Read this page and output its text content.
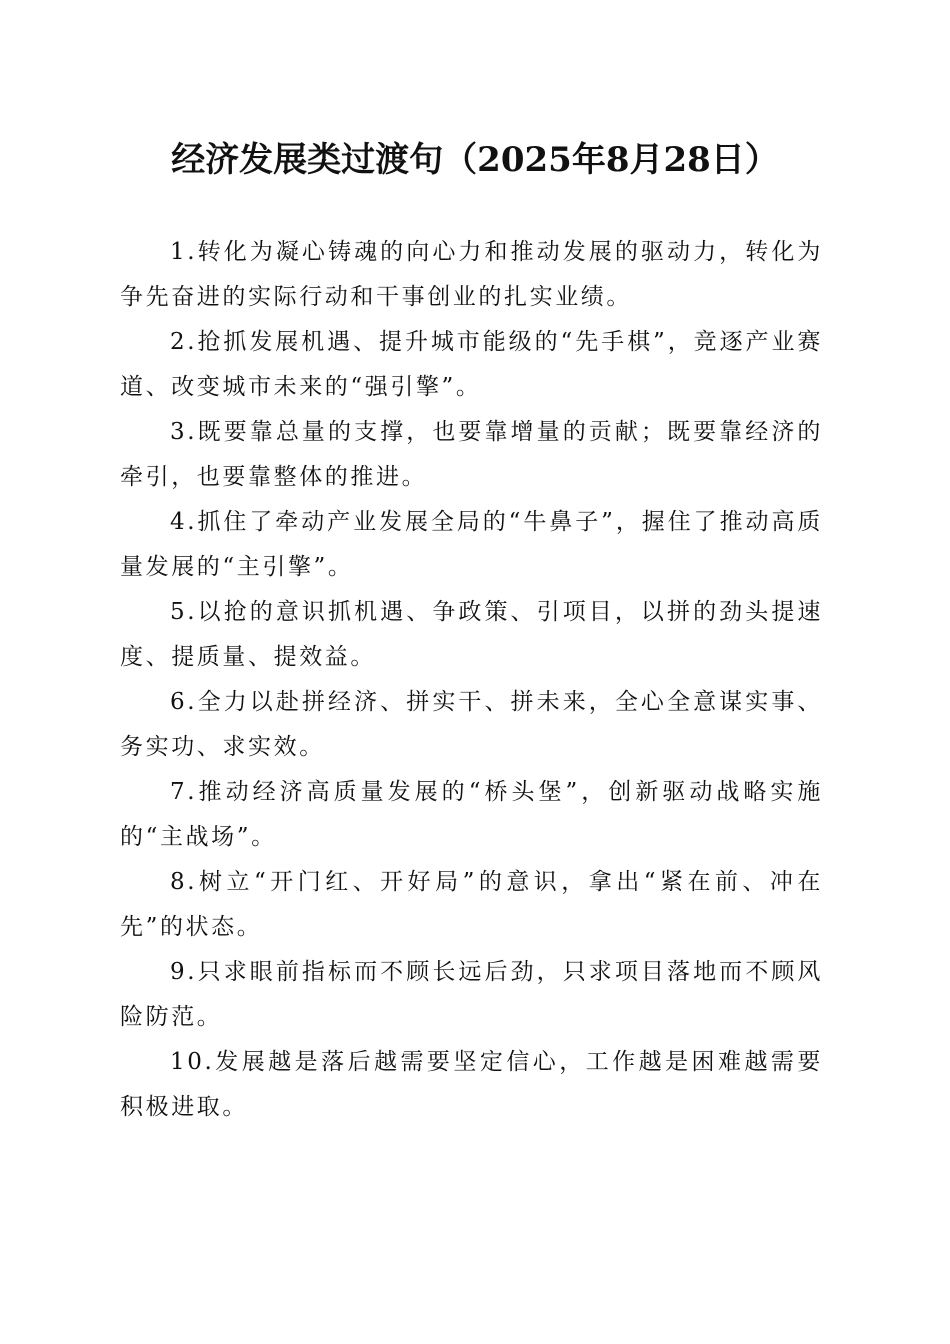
经济发展类过渡句（2025年8月28日）

1.转化为凝心铸魂的向心力和推动发展的驱动力，转化为争先奋进的实际行动和干事创业的扎实业绩。

2.抢抓发展机遇、提升城市能级的“先手棋”，竞逐产业赛道、改变城市未来的“强引擎”。

3.既要靠总量的支撑，也要靠增量的贡献；既要靠经济的牵引，也要靠整体的推进。

4.抓住了牵动产业发展全局的“牛鼻子”，握住了推动高质量发展的“主引擎”。

5.以抢的意识抓机遇、争政策、引项目，以拼的劲头提速度、提质量、提效益。

6.全力以赴拼经济、拼实干、拼未来，全心全意谋实事、务实功、求实效。

7.推动经济高质量发展的“桥头堡”，创新驱动战略实施的“主战场”。

8.树立“开门红、开好局”的意识，拿出“紧在前、冲在先”的状态。

9.只求眼前指标而不顾长远后劲，只求项目落地而不顾风险防范。

10.发展越是落后越需要坚定信心，工作越是困难越需要积极进取。
